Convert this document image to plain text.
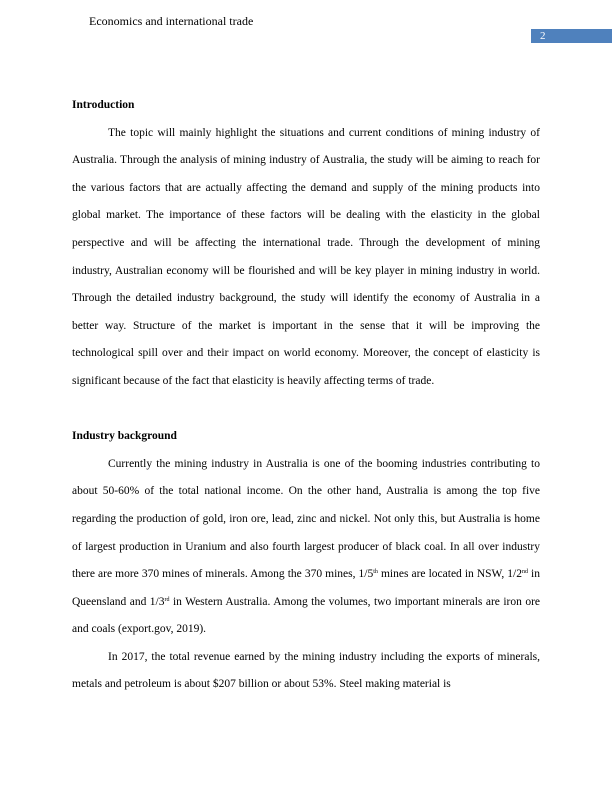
Economics and international trade
2

Introduction

The topic will mainly highlight the situations and current conditions of mining industry of Australia. Through the analysis of mining industry of Australia, the study will be aiming to reach for the various factors that are actually affecting the demand and supply of the mining products into global market. The importance of these factors will be dealing with the elasticity in the global perspective and will be affecting the international trade. Through the development of mining industry, Australian economy will be flourished and will be key player in mining industry in world. Through the detailed industry background, the study will identify the economy of Australia in a better way. Structure of the market is important in the sense that it will be improving the technological spill over and their impact on world economy. Moreover, the concept of elasticity is significant because of the fact that elasticity is heavily affecting terms of trade.

Industry background

Currently the mining industry in Australia is one of the booming industries contributing to about 50-60% of the total national income. On the other hand, Australia is among the top five regarding the production of gold, iron ore, lead, zinc and nickel. Not only this, but Australia is home of largest production in Uranium and also fourth largest producer of black coal. In all over industry there are more 370 mines of minerals. Among the 370 mines, 1/5th mines are located in NSW, 1/2nd in Queensland and 1/3rd in Western Australia. Among the volumes, two important minerals are iron ore and coals (export.gov, 2019).

In 2017, the total revenue earned by the mining industry including the exports of minerals, metals and petroleum is about $207 billion or about 53%. Steel making material is
